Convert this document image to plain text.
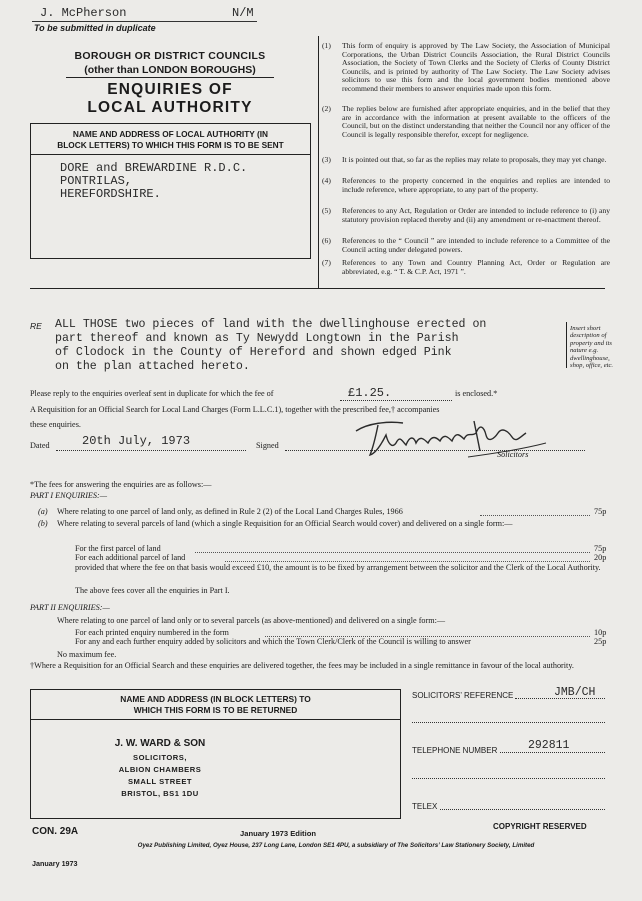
J. McPherson	N/M
To be submitted in duplicate
BOROUGH OR DISTRICT COUNCILS
(other than LONDON BOROUGHS)
ENQUIRIES OF
LOCAL AUTHORITY
NAME AND ADDRESS OF LOCAL AUTHORITY (IN
BLOCK LETTERS) TO WHICH THIS FORM IS TO BE SENT
DORE and BREWARDINE R.D.C.
PONTRILAS,
HEREFORDSHIRE.
(1)	This form of enquiry is approved by The Law Society, the Association of Municipal Corporations, the Urban District Councils Association, the Rural District Councils Association, the Society of Town Clerks and the Society of Clerks of County District Councils, and is printed by authority of The Law Society. The Law Society advises solicitors to use this form and the local government bodies mentioned above recommend their members to answer enquiries made upon this form.
(2)	The replies below are furnished after appropriate enquiries, and in the belief that they are in accordance with the information at present available to the officers of the Council, but on the distinct understanding that neither the Council nor any officer of the Council is legally responsible therefor, except for negligence.
(3)	It is pointed out that, so far as the replies may relate to proposals, they may yet change.
(4)	References to the property concerned in the enquiries and replies are intended to include reference, where appropriate, to any part of the property.
(5)	References to any Act, Regulation or Order are intended to include reference to (i) any statutory provision replaced thereby and (ii) any amendment or re-enactment thereof.
(6)	References to the “ Council ” are intended to include reference to a Committee of the Council acting under delegated powers.
(7)	References to any Town and Country Planning Act, Order or Regulation are abbreviated, e.g. “ T. & C.P. Act, 1971 ”.
RE ALL THOSE two pieces of land with the dwellinghouse erected on
part thereof and known as Ty Newydd Longtown in the Parish
of Clodock in the County of Hereford and shown edged Pink
on the plan attached hereto.
Insert short description of property and its nature e.g. dwellinghouse, shop, office, etc.
Please reply to the enquiries overleaf sent in duplicate for which the fee of	£1.25.	is enclosed.*
A Requisition for an Official Search for Local Land Charges (Form L.L.C.1), together with the prescribed fee,† accompanies
these enquiries.
Dated	20th July, 1973	Signed
Solicitors
*The fees for answering the enquiries are as follows:—
PART I ENQUIRIES:—
(a) Where relating to one parcel of land only, as defined in Rule 2 (2) of the Local Land Charges Rules, 1966	75p
(b) Where relating to several parcels of land (which a single Requisition for an Official Search would cover) and delivered on a single form:—
For the first parcel of land	75p
For each additional parcel of land	20p
provided that where the fee on that basis would exceed £10, the amount is to be fixed by arrangement between the solicitor and the Clerk of the Local Authority.
The above fees cover all the enquiries in Part I.
PART II ENQUIRIES:—
Where relating to one parcel of land only or to several parcels (as above-mentioned) and delivered on a single form:—
For each printed enquiry numbered in the form	10p
For any and each further enquiry added by solicitors and which the Town Clerk/Clerk of the Council is willing to answer	25p
No maximum fee.
†Where a Requisition for an Official Search and these enquiries are delivered together, the fees may be included in a single remittance in favour of the local authority.
NAME AND ADDRESS (IN BLOCK LETTERS) TO
WHICH THIS FORM IS TO BE RETURNED
J. W. WARD & SON
SOLICITORS,
ALBION CHAMBERS
SMALL STREET
BRISTOL, BS1 1DU
SOLICITORS’ REFERENCE	JMB/CH
TELEPHONE NUMBER	292811
TELEX
CON. 29A	January 1973 Edition
COPYRIGHT RESERVED
Oyez Publishing Limited, Oyez House, 237 Long Lane, London SE1 4PU, a subsidiary of The Solicitors’ Law Stationery Society, Limited
January 1973
